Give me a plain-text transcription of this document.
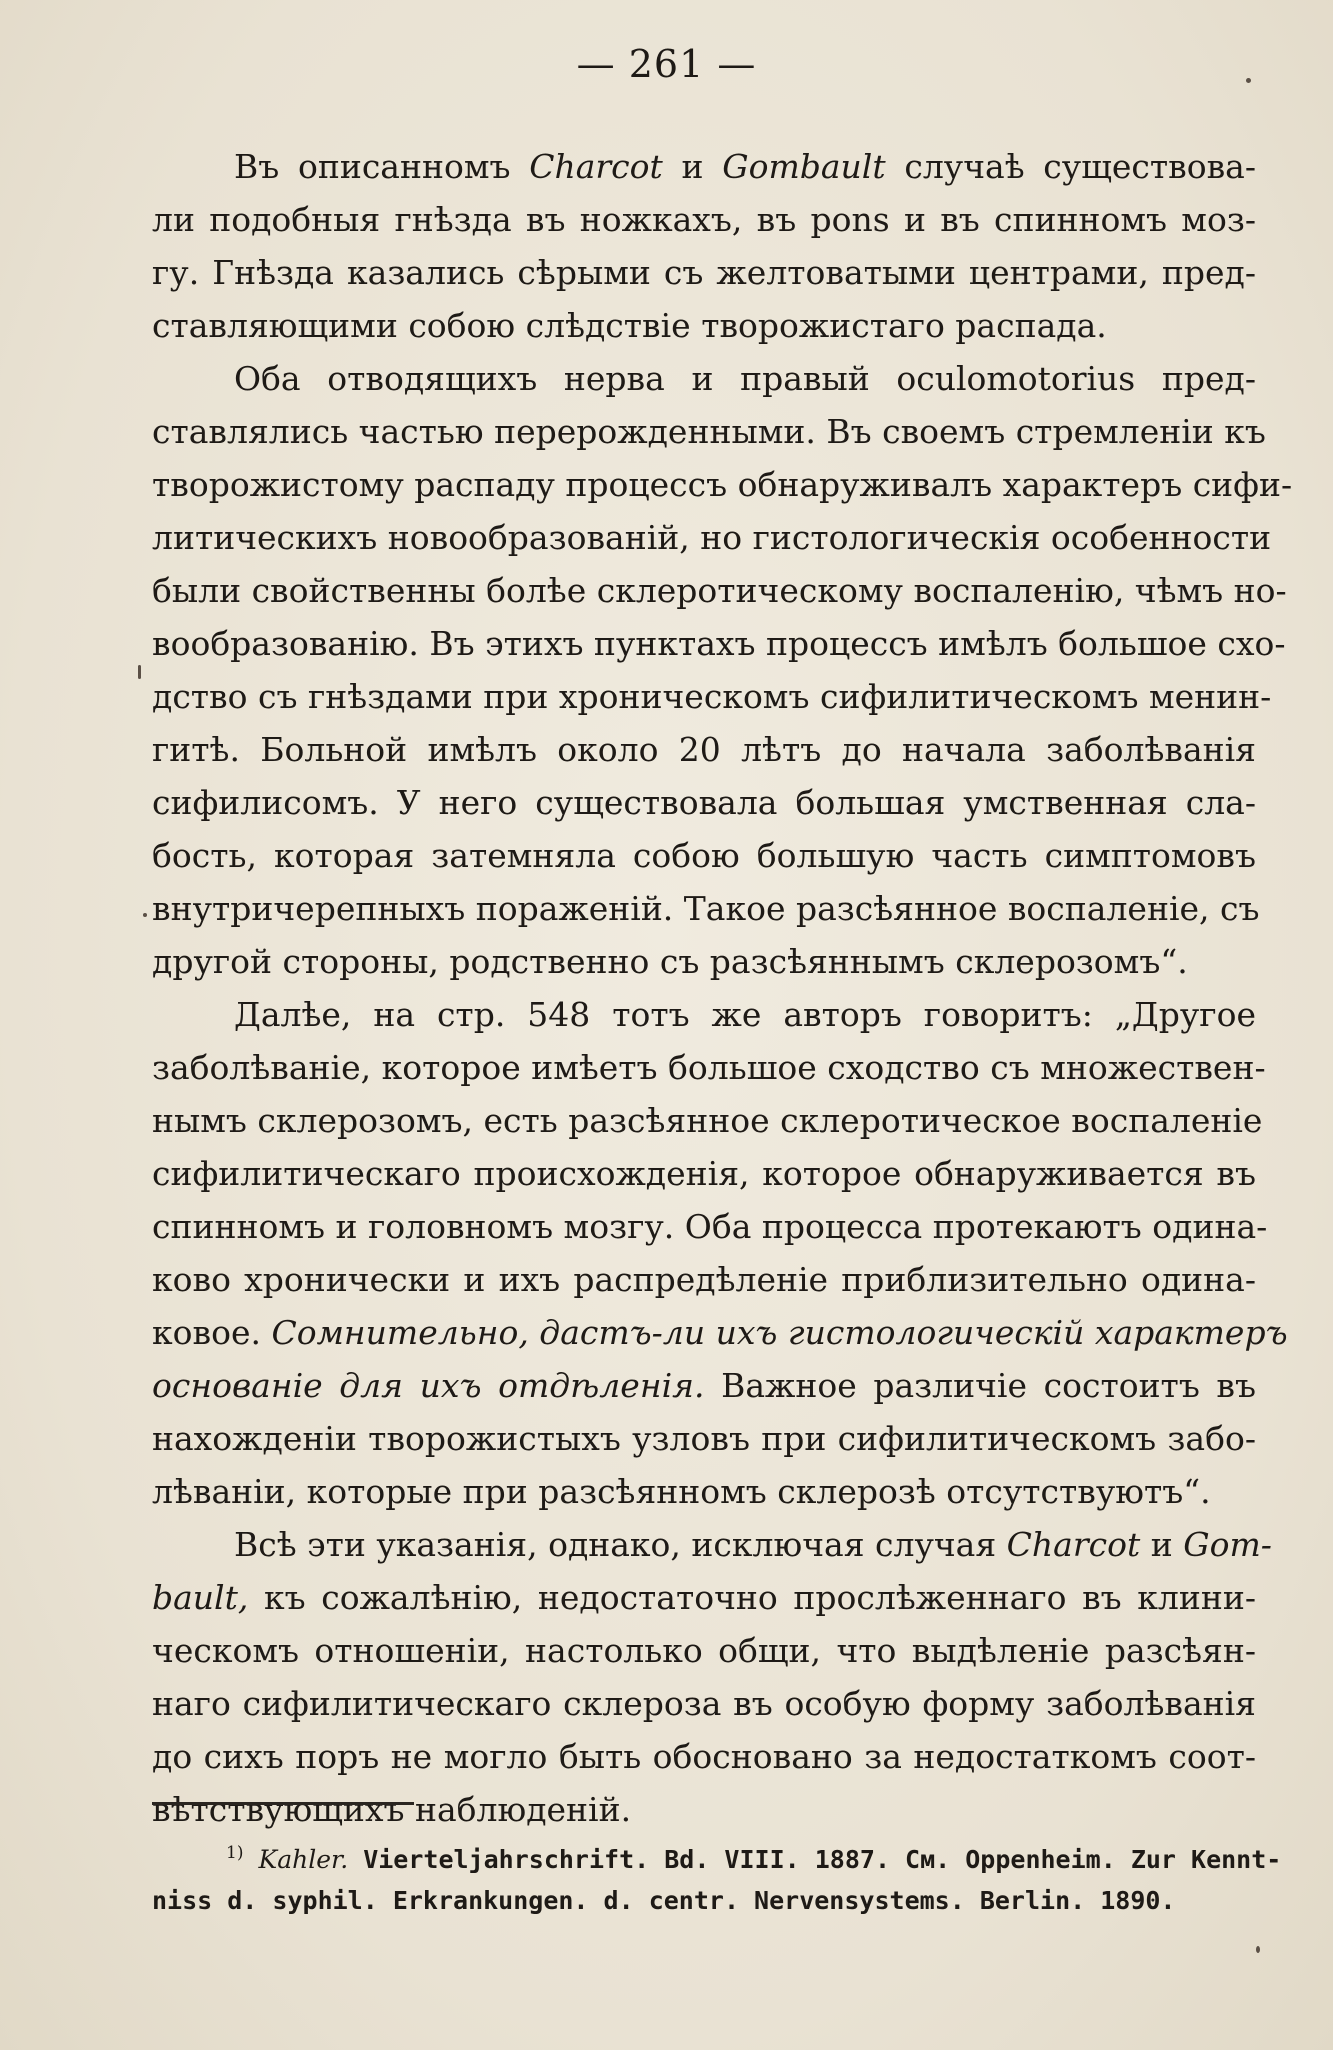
— 261 —
Въ описанномъ Charcot и Gombault случаѣ существова-
ли подобныя гнѣзда въ ножкахъ, въ pons и въ спинномъ моз-
гу. Гнѣзда казались сѣрыми съ желтоватыми центрами, пред-
ставляющими собою слѣдствіе творожистаго распада.
Оба отводящихъ нерва и правый oculomotorius пред-
ставлялись частью перерожденными. Въ своемъ стремленіи къ
творожистому распаду процессъ обнаруживалъ характеръ сифи-
литическихъ новообразованій, но гистологическія особенности
были свойственны болѣе склеротическому воспаленію, чѣмъ но-
вообразованію. Въ этихъ пунктахъ процессъ имѣлъ большое схо-
дство съ гнѣздами при хроническомъ сифилитическомъ менин-
гитѣ. Больной имѣлъ около 20 лѣтъ до начала заболѣванія
сифилисомъ. У него существовала большая умственная сла-
бость, которая затемняла собою большую часть симптомовъ
внутричерепныхъ пораженій. Такое разсѣянное воспаленіе, съ
другой стороны, родственно съ разсѣяннымъ склерозомъ“.
Далѣе, на стр. 548 тотъ же авторъ говоритъ: „Другое
заболѣваніе, которое имѣетъ большое сходство съ множествен-
нымъ склерозомъ, есть разсѣянное склеротическое воспаленіе
сифилитическаго происхожденія, которое обнаруживается въ
спинномъ и головномъ мозгу. Оба процесса протекаютъ одина-
ково хронически и ихъ распредѣленіе приблизительно одина-
ковое. Сомнительно, дастъ-ли ихъ гистологическій характеръ
основаніе для ихъ отдѣленія. Важное различіе состоитъ въ
нахожденіи творожистыхъ узловъ при сифилитическомъ забо-
лѣваніи, которые при разсѣянномъ склерозѣ отсутствуютъ“.
Всѣ эти указанія, однако, исключая случая Charcot и Gom-
bault, къ сожалѣнію, недостаточно прослѣженнаго въ клини-
ческомъ отношеніи, настолько общи, что выдѣленіе разсѣян-
наго сифилитическаго склероза въ особую форму заболѣванія
до сихъ поръ не могло быть обосновано за недостаткомъ соот-
вѣтствующихъ наблюденій.
$^{1)}$ Kahler. Vierteljahrschrift. Bd. VIII. 1887. См. Oppenheim. Zur Kennt-
niss d. syphil. Erkrankungen. d. centr. Nervensystems. Berlin. 1890.
